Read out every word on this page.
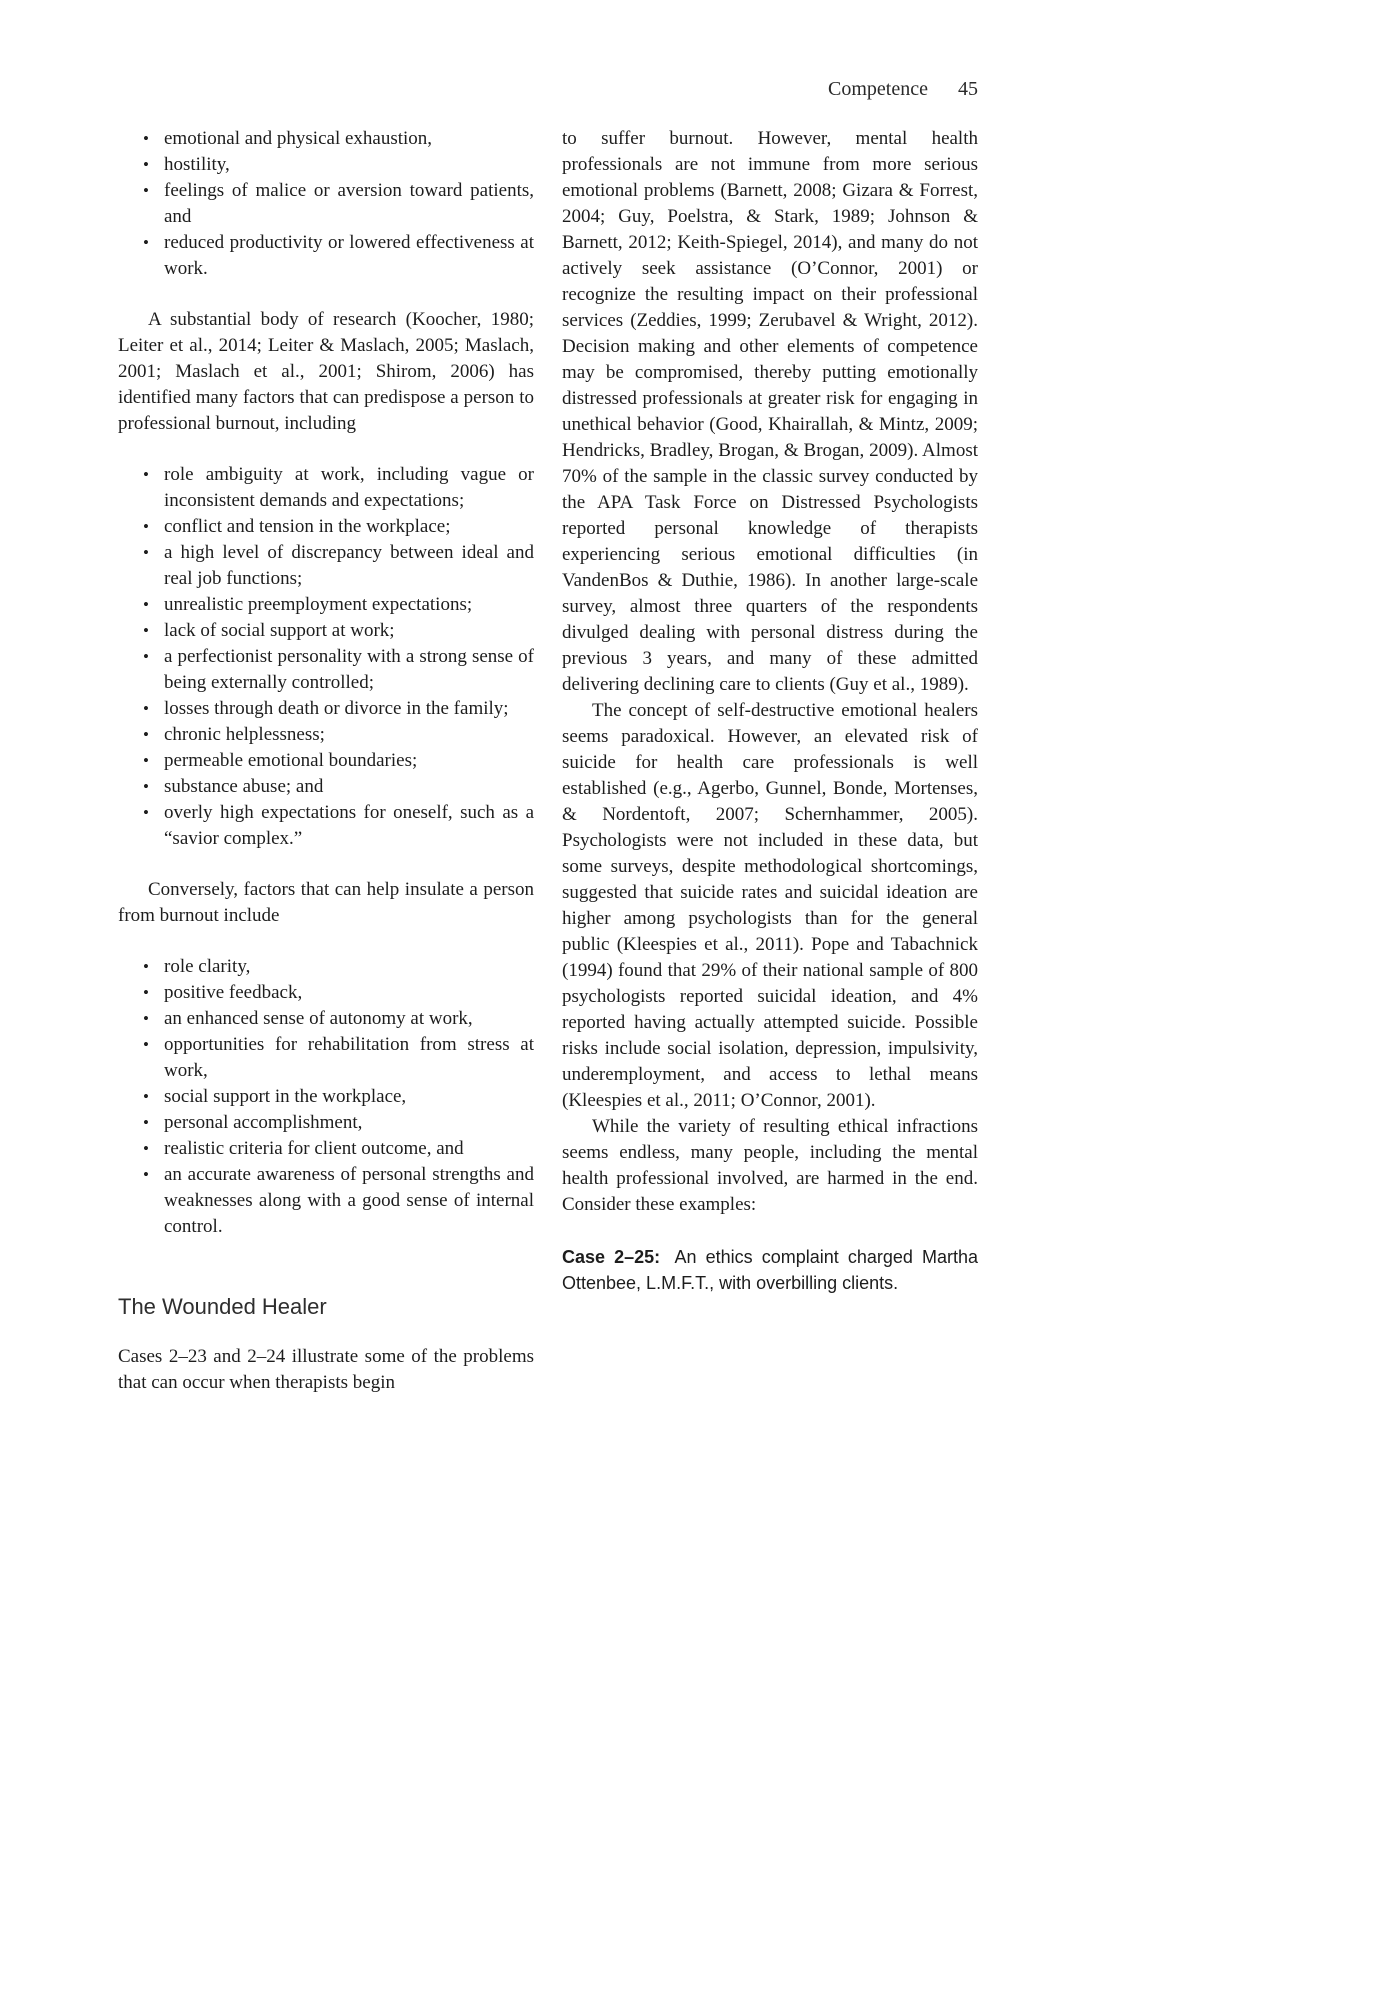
Competence 45
• emotional and physical exhaustion,
• hostility,
• feelings of malice or aversion toward patients, and
• reduced productivity or lowered effectiveness at work.

A substantial body of research (Koocher, 1980; Leiter et al., 2014; Leiter & Maslach, 2005; Maslach, 2001; Maslach et al., 2001; Shirom, 2006) has identified many factors that can predispose a person to professional burnout, including

• role ambiguity at work, including vague or inconsistent demands and expectations;
• conflict and tension in the workplace;
• a high level of discrepancy between ideal and real job functions;
• unrealistic preemployment expectations;
• lack of social support at work;
• a perfectionist personality with a strong sense of being externally controlled;
• losses through death or divorce in the family;
• chronic helplessness;
• permeable emotional boundaries;
• substance abuse; and
• overly high expectations for oneself, such as a “savior complex.”

Conversely, factors that can help insulate a person from burnout include

• role clarity,
• positive feedback,
• an enhanced sense of autonomy at work,
• opportunities for rehabilitation from stress at work,
• social support in the workplace,
• personal accomplishment,
• realistic criteria for client outcome, and
• an accurate awareness of personal strengths and weaknesses along with a good sense of internal control.
The Wounded Healer

Cases 2–23 and 2–24 illustrate some of the problems that can occur when therapists begin

to suffer burnout. However, mental health professionals are not immune from more serious emotional problems (Barnett, 2008; Gizara & Forrest, 2004; Guy, Poelstra, & Stark, 1989; Johnson & Barnett, 2012; Keith-Spiegel, 2014), and many do not actively seek assistance (O’Connor, 2001) or recognize the resulting impact on their professional services (Zeddies, 1999; Zerubavel & Wright, 2012). Decision making and other elements of competence may be compromised, thereby putting emotionally distressed professionals at greater risk for engaging in unethical behavior (Good, Khairallah, & Mintz, 2009; Hendricks, Bradley, Brogan, & Brogan, 2009). Almost 70% of the sample in the classic survey conducted by the APA Task Force on Distressed Psychologists reported personal knowledge of therapists experiencing serious emotional difficulties (in VandenBos & Duthie, 1986). In another large-scale survey, almost three quarters of the respondents divulged dealing with personal distress during the previous 3 years, and many of these admitted delivering declining care to clients (Guy et al., 1989).

The concept of self-destructive emotional healers seems paradoxical. However, an elevated risk of suicide for health care professionals is well established (e.g., Agerbo, Gunnel, Bonde, Mortenses, & Nordentoft, 2007; Schernhammer, 2005). Psychologists were not included in these data, but some surveys, despite methodological shortcomings, suggested that suicide rates and suicidal ideation are higher among psychologists than for the general public (Kleespies et al., 2011). Pope and Tabachnick (1994) found that 29% of their national sample of 800 psychologists reported suicidal ideation, and 4% reported having actually attempted suicide. Possible risks include social isolation, depression, impulsivity, underemployment, and access to lethal means (Kleespies et al., 2011; O’Connor, 2001).

While the variety of resulting ethical infractions seems endless, many people, including the mental health professional involved, are harmed in the end. Consider these examples:

Case 2–25: An ethics complaint charged Martha Ottenbee, L.M.F.T., with overbilling clients.
